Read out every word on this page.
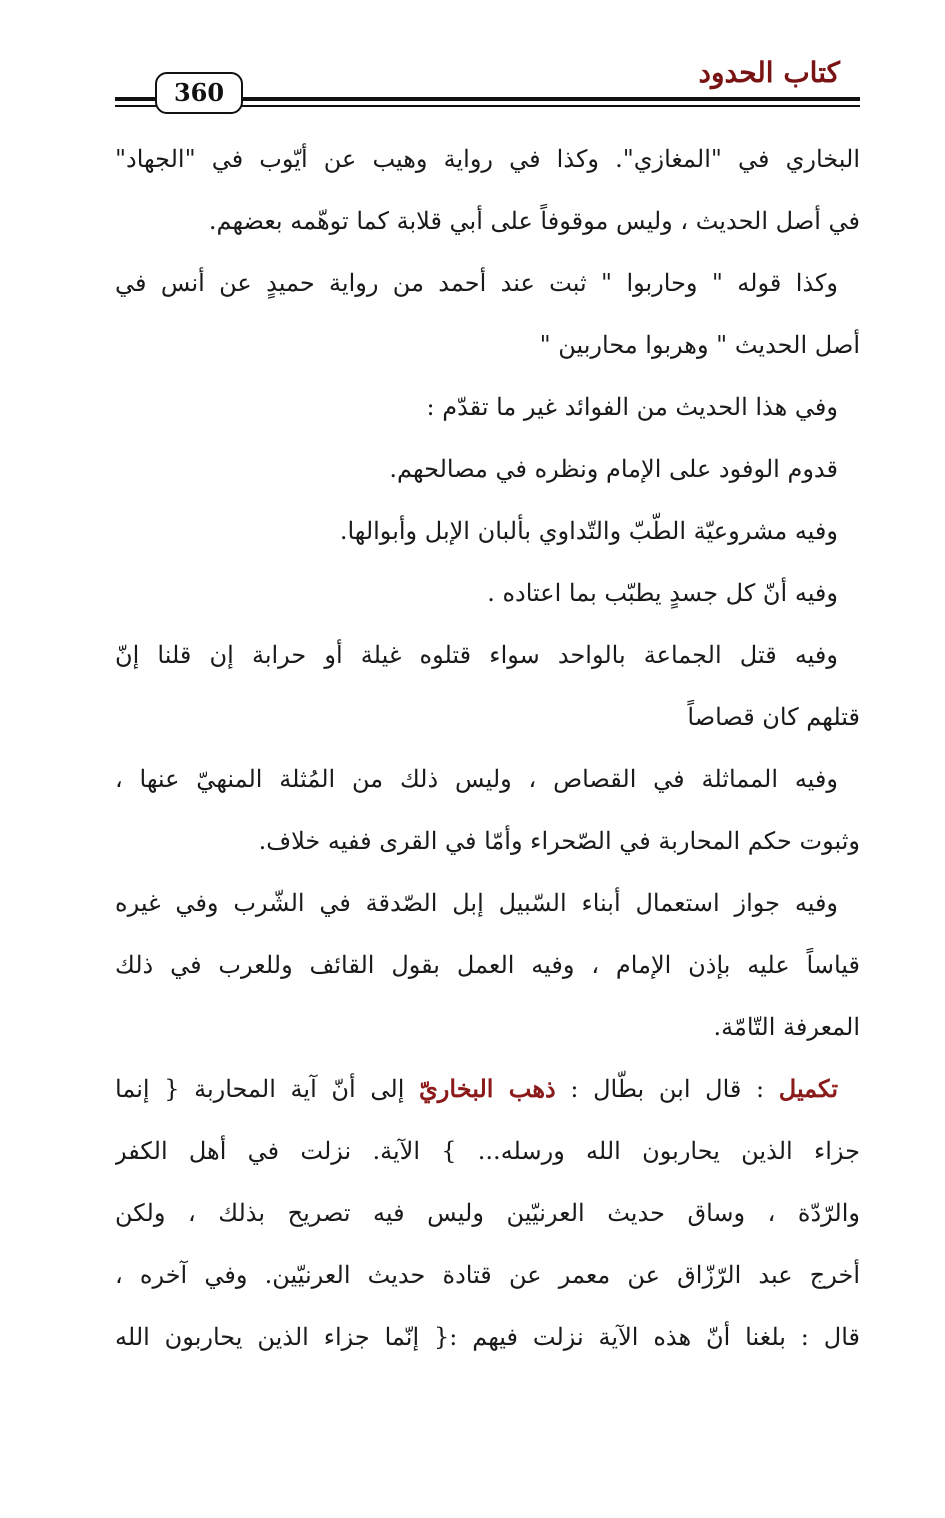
كتاب الحدود
360
البخاري في "المغازي". وكذا في رواية وهيب عن أيّوب في "الجهاد"
في أصل الحديث ، وليس موقوفاً على أبي قلابة كما توهّمه بعضهم.
وكذا قوله " وحاربوا " ثبت عند أحمد من رواية حميدٍ عن أنس في
أصل الحديث " وهربوا محاربين "
وفي هذا الحديث من الفوائد غير ما تقدّم :
قدوم الوفود على الإمام ونظره في مصالحهم.
وفيه مشروعيّة الطّبّ والتّداوي بألبان الإبل وأبوالها.
وفيه أنّ كل جسدٍ يطبّب بما اعتاده .
وفيه قتل الجماعة بالواحد سواء قتلوه غيلة أو حرابة إن قلنا إنّ
قتلهم كان قصاصاً
وفيه المماثلة في القصاص ، وليس ذلك من المُثلة المنهيّ عنها ،
وثبوت حكم المحاربة في الصّحراء وأمّا في القرى ففيه خلاف.
وفيه جواز استعمال أبناء السّبيل إبل الصّدقة في الشّرب وفي غيره
قياساً عليه بإذن الإمام ، وفيه العمل بقول القائف وللعرب في ذلك
المعرفة التّامّة.
تكميل : قال ابن بطّال : ذهب البخاريّ إلى أنّ آية المحاربة { إنما
جزاء الذين يحاربون الله ورسله... } الآية. نزلت في أهل الكفر
والرّدّة ، وساق حديث العرنيّين وليس فيه تصريح بذلك ، ولكن
أخرج عبد الرّزّاق عن معمر عن قتادة حديث العرنيّين. وفي آخره ،
قال : بلغنا أنّ هذه الآية نزلت فيهم :{ إنّما جزاء الذين يحاربون الله
